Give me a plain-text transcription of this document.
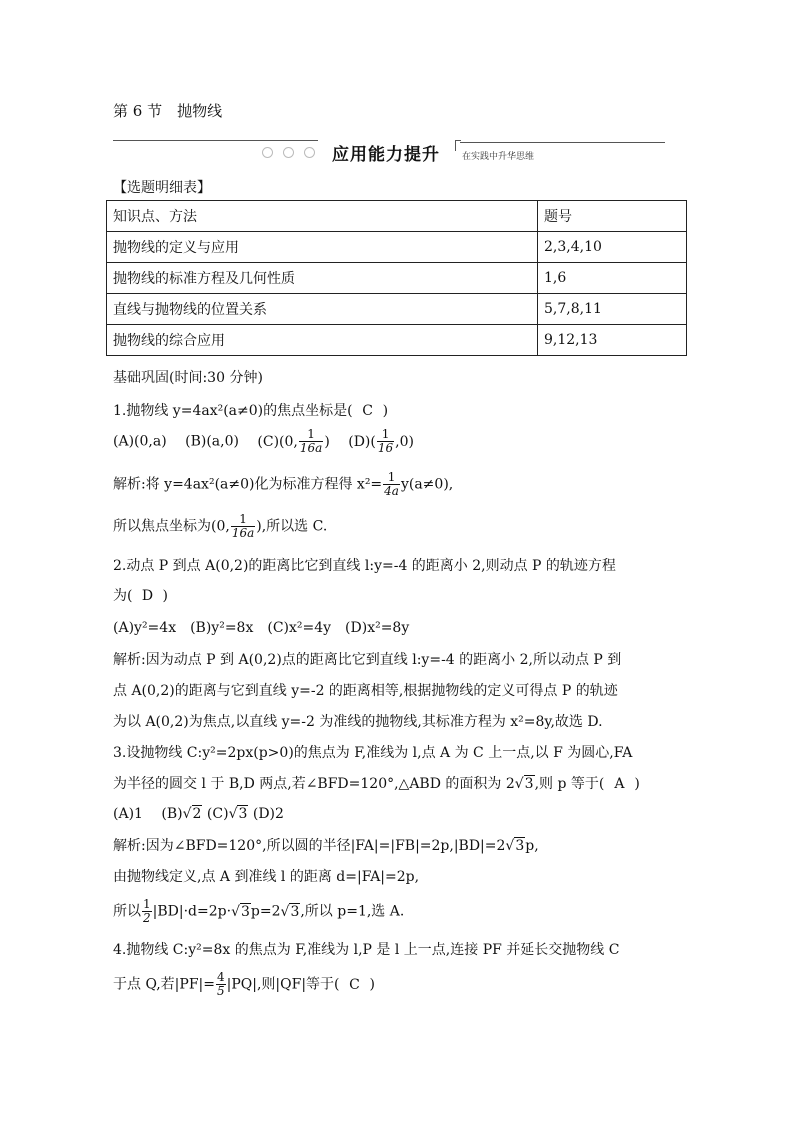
第 6 节　抛物线
应用能力提升 在实践中升华思维
【选题明细表】
知识点、方法	题号
抛物线的定义与应用	2,3,4,10
抛物线的标准方程及几何性质	1,6
直线与抛物线的位置关系	5,7,8,11
抛物线的综合应用	9,12,13
基础巩固(时间:30 分钟)
1.抛物线 y=4ax²(a≠0)的焦点坐标是( C )
(A)(0,a)　 (B)(a,0)　 (C)(0, $\frac{1}{16a}$ )　 $(D)( \frac{1}{16} ,0)$
解析:将 y=4ax²(a≠0)化为标准方程得 $x^2= \frac{1}{4a} y(a\ne 0)$,
所以焦点坐标为(0, $\frac{1}{16a}$ ),所以选 C.
2.动点 P 到点 A(0,2)的距离比它到直线 l:y=-4 的距离小 2,则动点 P 的轨迹方程
为( D )
(A)y²=4x　(B)y²=8x　(C)x²=4y　(D)x²=8y
解析:因为动点 P 到 A(0,2)点的距离比它到直线 l:y=-4 的距离小 2,所以动点 P 到
点 A(0,2)的距离与它到直线 y=-2 的距离相等,根据抛物线的定义可得点 P 的轨迹
为以 A(0,2)为焦点,以直线 y=-2 为准线的抛物线,其标准方程为 x²=8y,故选 D.
3.设抛物线 C:y²=2px(p>0)的焦点为 F,准线为 l,点 A 为 C 上一点,以 F 为圆心,FA
为半径的圆交 l 于 B,D 两点,若∠BFD=120°,△ABD 的面积为 2√3,则 p 等于( A )
(A)1　 (B)√2 (C)√3 (D)2
解析:因为∠BFD=120°,所以圆的半径|FA|=|FB|=2p,|BD|=2√3p,
由抛物线定义,点 A 到准线 l 的距离 d=|FA|=2p,
所以 $\frac{1}{2} |BD|\cdot d=2p\cdot√3p=2√3$,所以 p=1,选 A.
4.抛物线 C:y²=8x 的焦点为 F,准线为 l,P 是 l 上一点,连接 PF 并延长交抛物线 C
于点 Q,若$|PF|= \frac{4}{5} |PQ|$,则|QF|等于( C )
